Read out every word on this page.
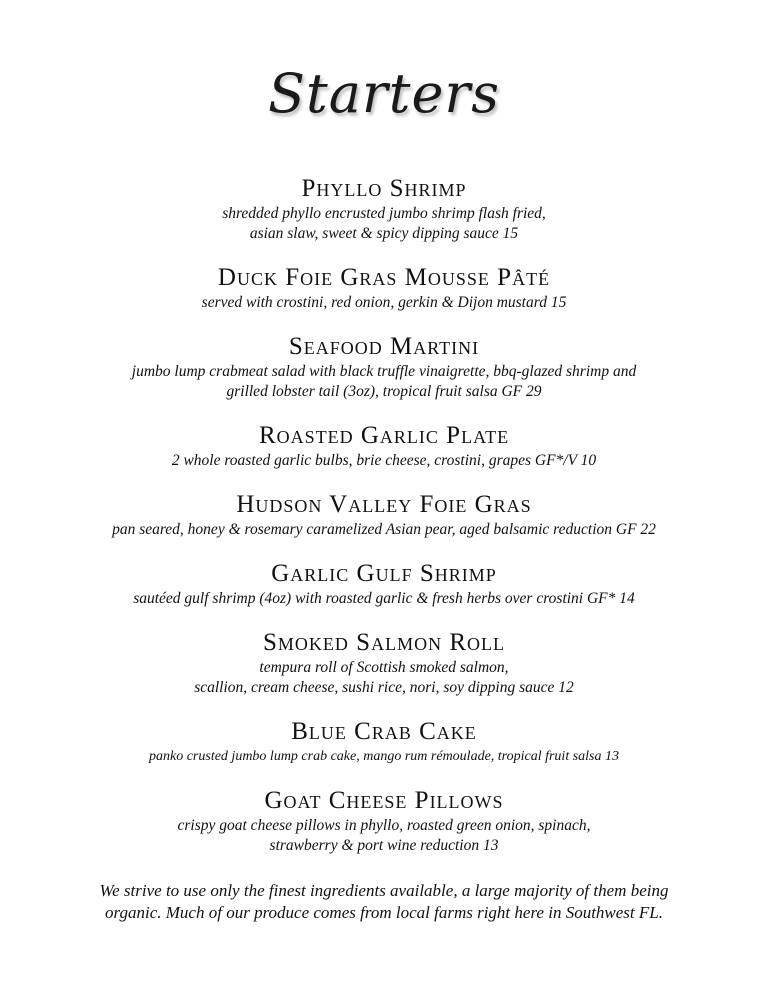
Starters
Phyllo Shrimp
shredded phyllo encrusted jumbo shrimp flash fried,
asian slaw, sweet & spicy dipping sauce 15
Duck Foie Gras Mousse Pâté
served with crostini, red onion, gerkin & Dijon mustard 15
Seafood Martini
jumbo lump crabmeat salad with black truffle vinaigrette, bbq-glazed shrimp and
grilled lobster tail (3oz), tropical fruit salsa GF 29
Roasted Garlic Plate
2 whole roasted garlic bulbs, brie cheese, crostini, grapes GF*/V 10
Hudson Valley Foie Gras
pan seared, honey & rosemary caramelized Asian pear, aged balsamic reduction GF 22
Garlic Gulf Shrimp
sautéed gulf shrimp (4oz) with roasted garlic & fresh herbs over crostini GF* 14
Smoked Salmon Roll
tempura roll of Scottish smoked salmon,
scallion, cream cheese, sushi rice, nori, soy dipping sauce 12
Blue Crab Cake
panko crusted jumbo lump crab cake, mango rum rémoulade, tropical fruit salsa 13
Goat Cheese Pillows
crispy goat cheese pillows in phyllo, roasted green onion, spinach,
strawberry & port wine reduction 13
We strive to use only the finest ingredients available, a large majority of them being
organic. Much of our produce comes from local farms right here in Southwest FL.
